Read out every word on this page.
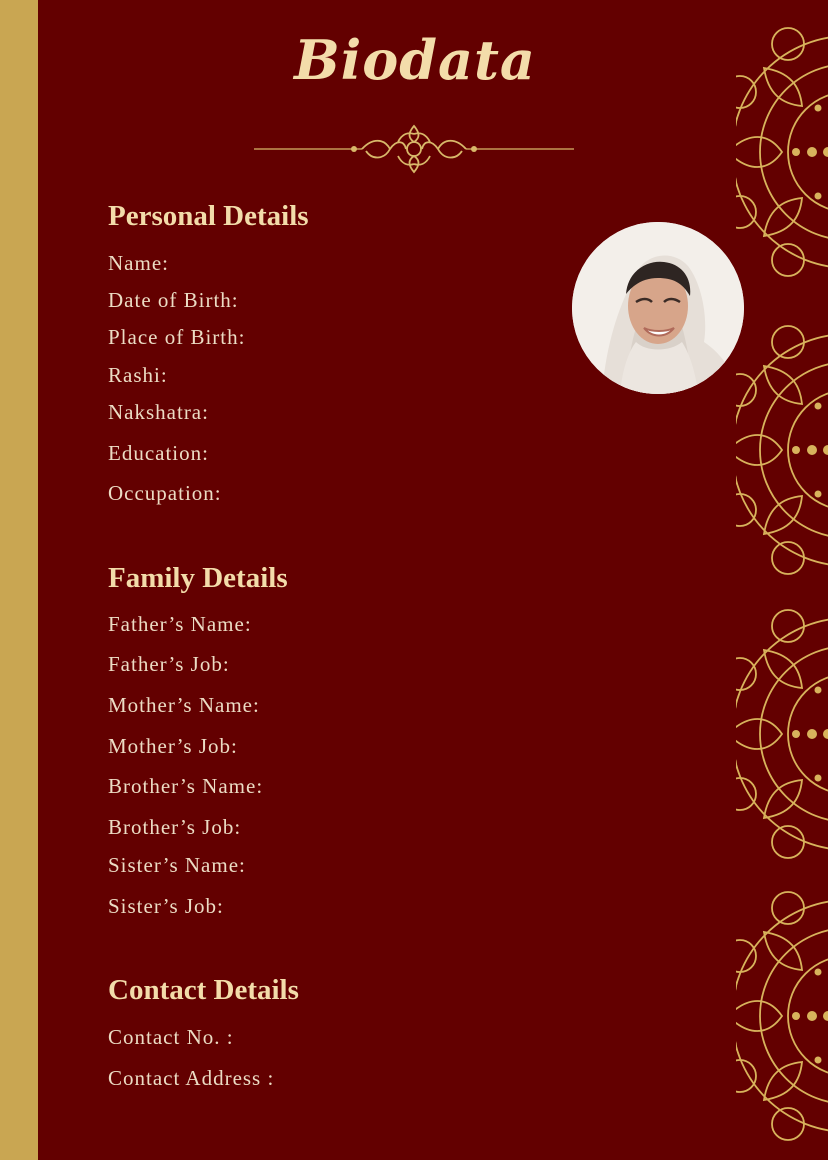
Biodata
Personal Details
Name:
Date of Birth:
Place of Birth:
Rashi:
Nakshatra:
Education:
Occupation:
Family Details
Father’s Name:
Father’s Job:
Mother’s Name:
Mother’s Job:
Brother’s Name:
Brother’s Job:
Sister’s Name:
Sister’s Job:
Contact Details
Contact No. :
Contact Address :
